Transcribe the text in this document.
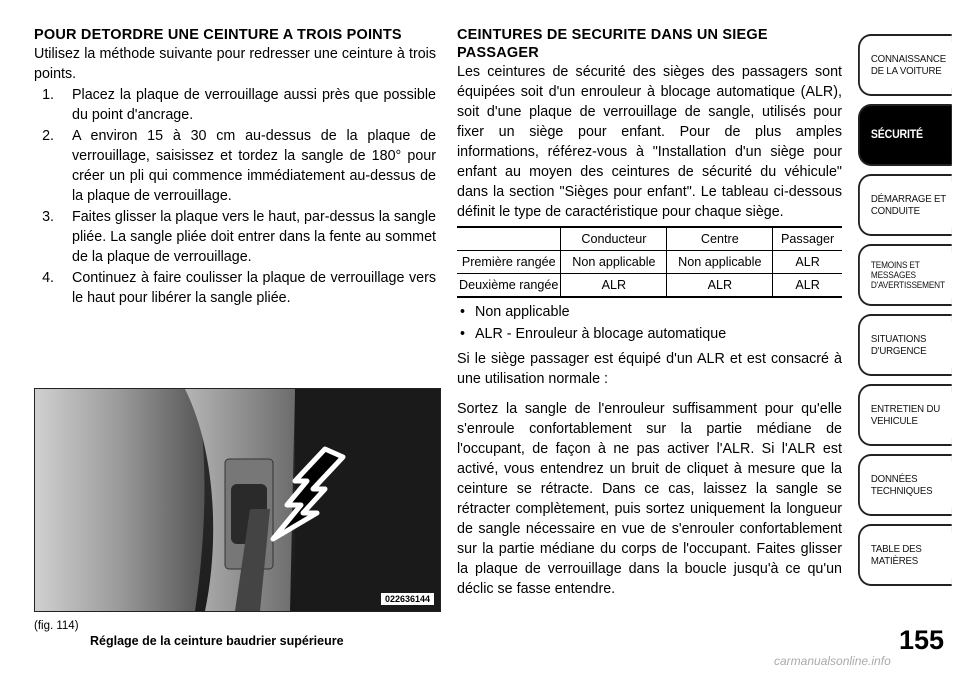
POUR DETORDRE UNE CEINTURE A TROIS POINTS

Utilisez la méthode suivante pour redresser une ceinture à trois points.

1. Placez la plaque de verrouillage aussi près que possible du point d'ancrage.
2. A environ 15 à 30 cm au-dessus de la plaque de verrouillage, saisissez et tordez la sangle de 180° pour créer un pli qui commence immédiatement au-dessus de la plaque de verrouillage.
3. Faites glisser la plaque vers le haut, par-dessus la sangle pliée. La sangle pliée doit entrer dans la fente au sommet de la plaque de verrouillage.
4. Continuez à faire coulisser la plaque de verrouillage vers le haut pour libérer la sangle pliée.
022636144
(fig. 114)
Réglage de la ceinture baudrier supérieure
CEINTURES DE SECURITE DANS UN SIEGE PASSAGER

Les ceintures de sécurité des sièges des passagers sont équipées soit d'un enrouleur à blocage automatique (ALR), soit d'une plaque de verrouillage de sangle, utilisés pour fixer un siège pour enfant. Pour de plus amples informations, référez-vous à "Installation d'un siège pour enfant au moyen des ceintures de sécurité du véhicule" dans la section "Sièges pour enfant". Le tableau ci-dessous définit le type de caractéristique pour chaque siège.

	Conducteur	Centre	Passager
Première rangée	Non applicable	Non applicable	ALR
Deuxième rangée	ALR	ALR	ALR
• Non applicable
• ALR - Enrouleur à blocage automatique

Si le siège passager est équipé d'un ALR et est consacré à une utilisation normale :

Sortez la sangle de l'enrouleur suffisamment pour qu'elle s'enroule confortablement sur la partie médiane de l'occupant, de façon à ne pas activer l'ALR. Si l'ALR est activé, vous entendrez un bruit de cliquet à mesure que la ceinture se rétracte. Dans ce cas, laissez la sangle se rétracter complètement, puis sortez uniquement la longueur de sangle nécessaire en vue de s'enrouler confortablement sur la partie médiane du corps de l'occupant. Faites glisser la plaque de verrouillage dans la boucle jusqu'à ce qu'un déclic se fasse entendre.

CONNAISSANCE DE LA VOITURE
SÉCURITÉ
DÉMARRAGE ET CONDUITE
TEMOINS ET MESSAGES D'AVERTISSEMENT
SITUATIONS D'URGENCE
ENTRETIEN DU VEHICULE
DONNÉES TECHNIQUES
TABLE DES MATIÈRES
155
carmanualsonline.info
